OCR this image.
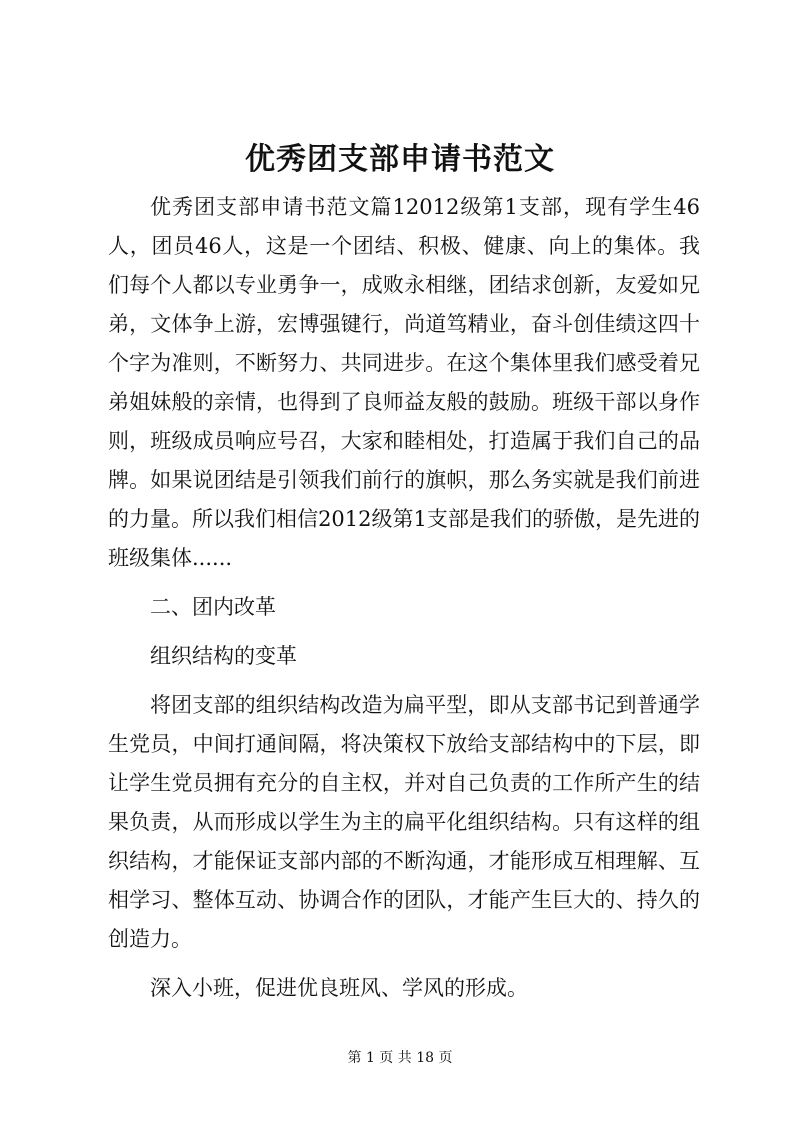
优秀团支部申请书范文

优秀团支部申请书范文篇12012级第1支部，现有学生46人，团员46人，这是一个团结、积极、健康、向上的集体。我们每个人都以专业勇争一，成败永相继，团结求创新，友爱如兄弟，文体争上游，宏博强键行，尚道笃精业，奋斗创佳绩这四十个字为准则，不断努力、共同进步。在这个集体里我们感受着兄弟姐妹般的亲情，也得到了良师益友般的鼓励。班级干部以身作则，班级成员响应号召，大家和睦相处，打造属于我们自己的品牌。如果说团结是引领我们前行的旗帜，那么务实就是我们前进的力量。所以我们相信2012级第1支部是我们的骄傲，是先进的班级集体......

二、团内改革

组织结构的变革

将团支部的组织结构改造为扁平型，即从支部书记到普通学生党员，中间打通间隔，将决策权下放给支部结构中的下层，即让学生党员拥有充分的自主权，并对自己负责的工作所产生的结果负责，从而形成以学生为主的扁平化组织结构。只有这样的组织结构，才能保证支部内部的不断沟通，才能形成互相理解、互相学习、整体互动、协调合作的团队，才能产生巨大的、持久的创造力。

深入小班，促进优良班风、学风的形成。

第 1 页 共 18 页
